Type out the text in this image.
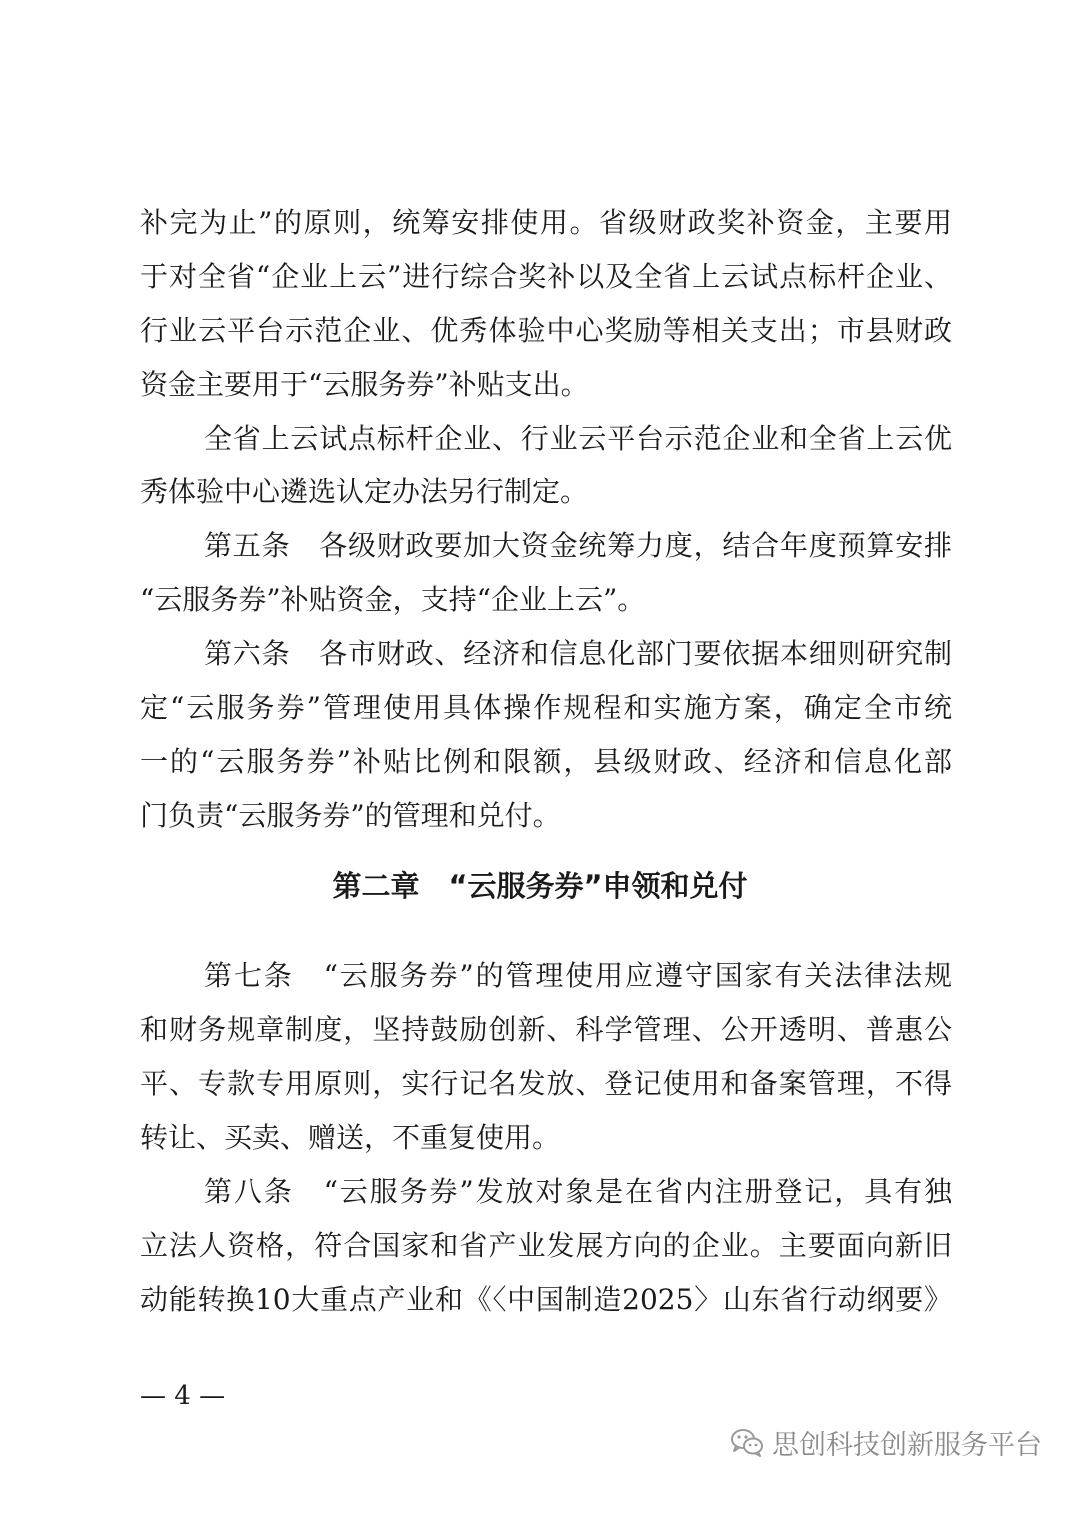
补完为止”的原则，统筹安排使用。省级财政奖补资金，主要用
于对全省“企业上云”进行综合奖补以及全省上云试点标杆企业、
行业云平台示范企业、优秀体验中心奖励等相关支出；市县财政
资金主要用于“云服务券”补贴支出。
全省上云试点标杆企业、行业云平台示范企业和全省上云优
秀体验中心遴选认定办法另行制定。
第五条　各级财政要加大资金统筹力度，结合年度预算安排
“云服务券”补贴资金，支持“企业上云”。
第六条　各市财政、经济和信息化部门要依据本细则研究制
定“云服务券”管理使用具体操作规程和实施方案，确定全市统
一的“云服务券”补贴比例和限额，县级财政、经济和信息化部
门负责“云服务券”的管理和兑付。
第二章　“云服务券”申领和兑付
第七条　“云服务券”的管理使用应遵守国家有关法律法规
和财务规章制度，坚持鼓励创新、科学管理、公开透明、普惠公
平、专款专用原则，实行记名发放、登记使用和备案管理，不得
转让、买卖、赠送，不重复使用。
第八条　“云服务券”发放对象是在省内注册登记，具有独
立法人资格，符合国家和省产业发展方向的企业。主要面向新旧
动能转换10大重点产业和《〈中国制造2025〉山东省行动纲要》
— 4 —
思创科技创新服务平台
